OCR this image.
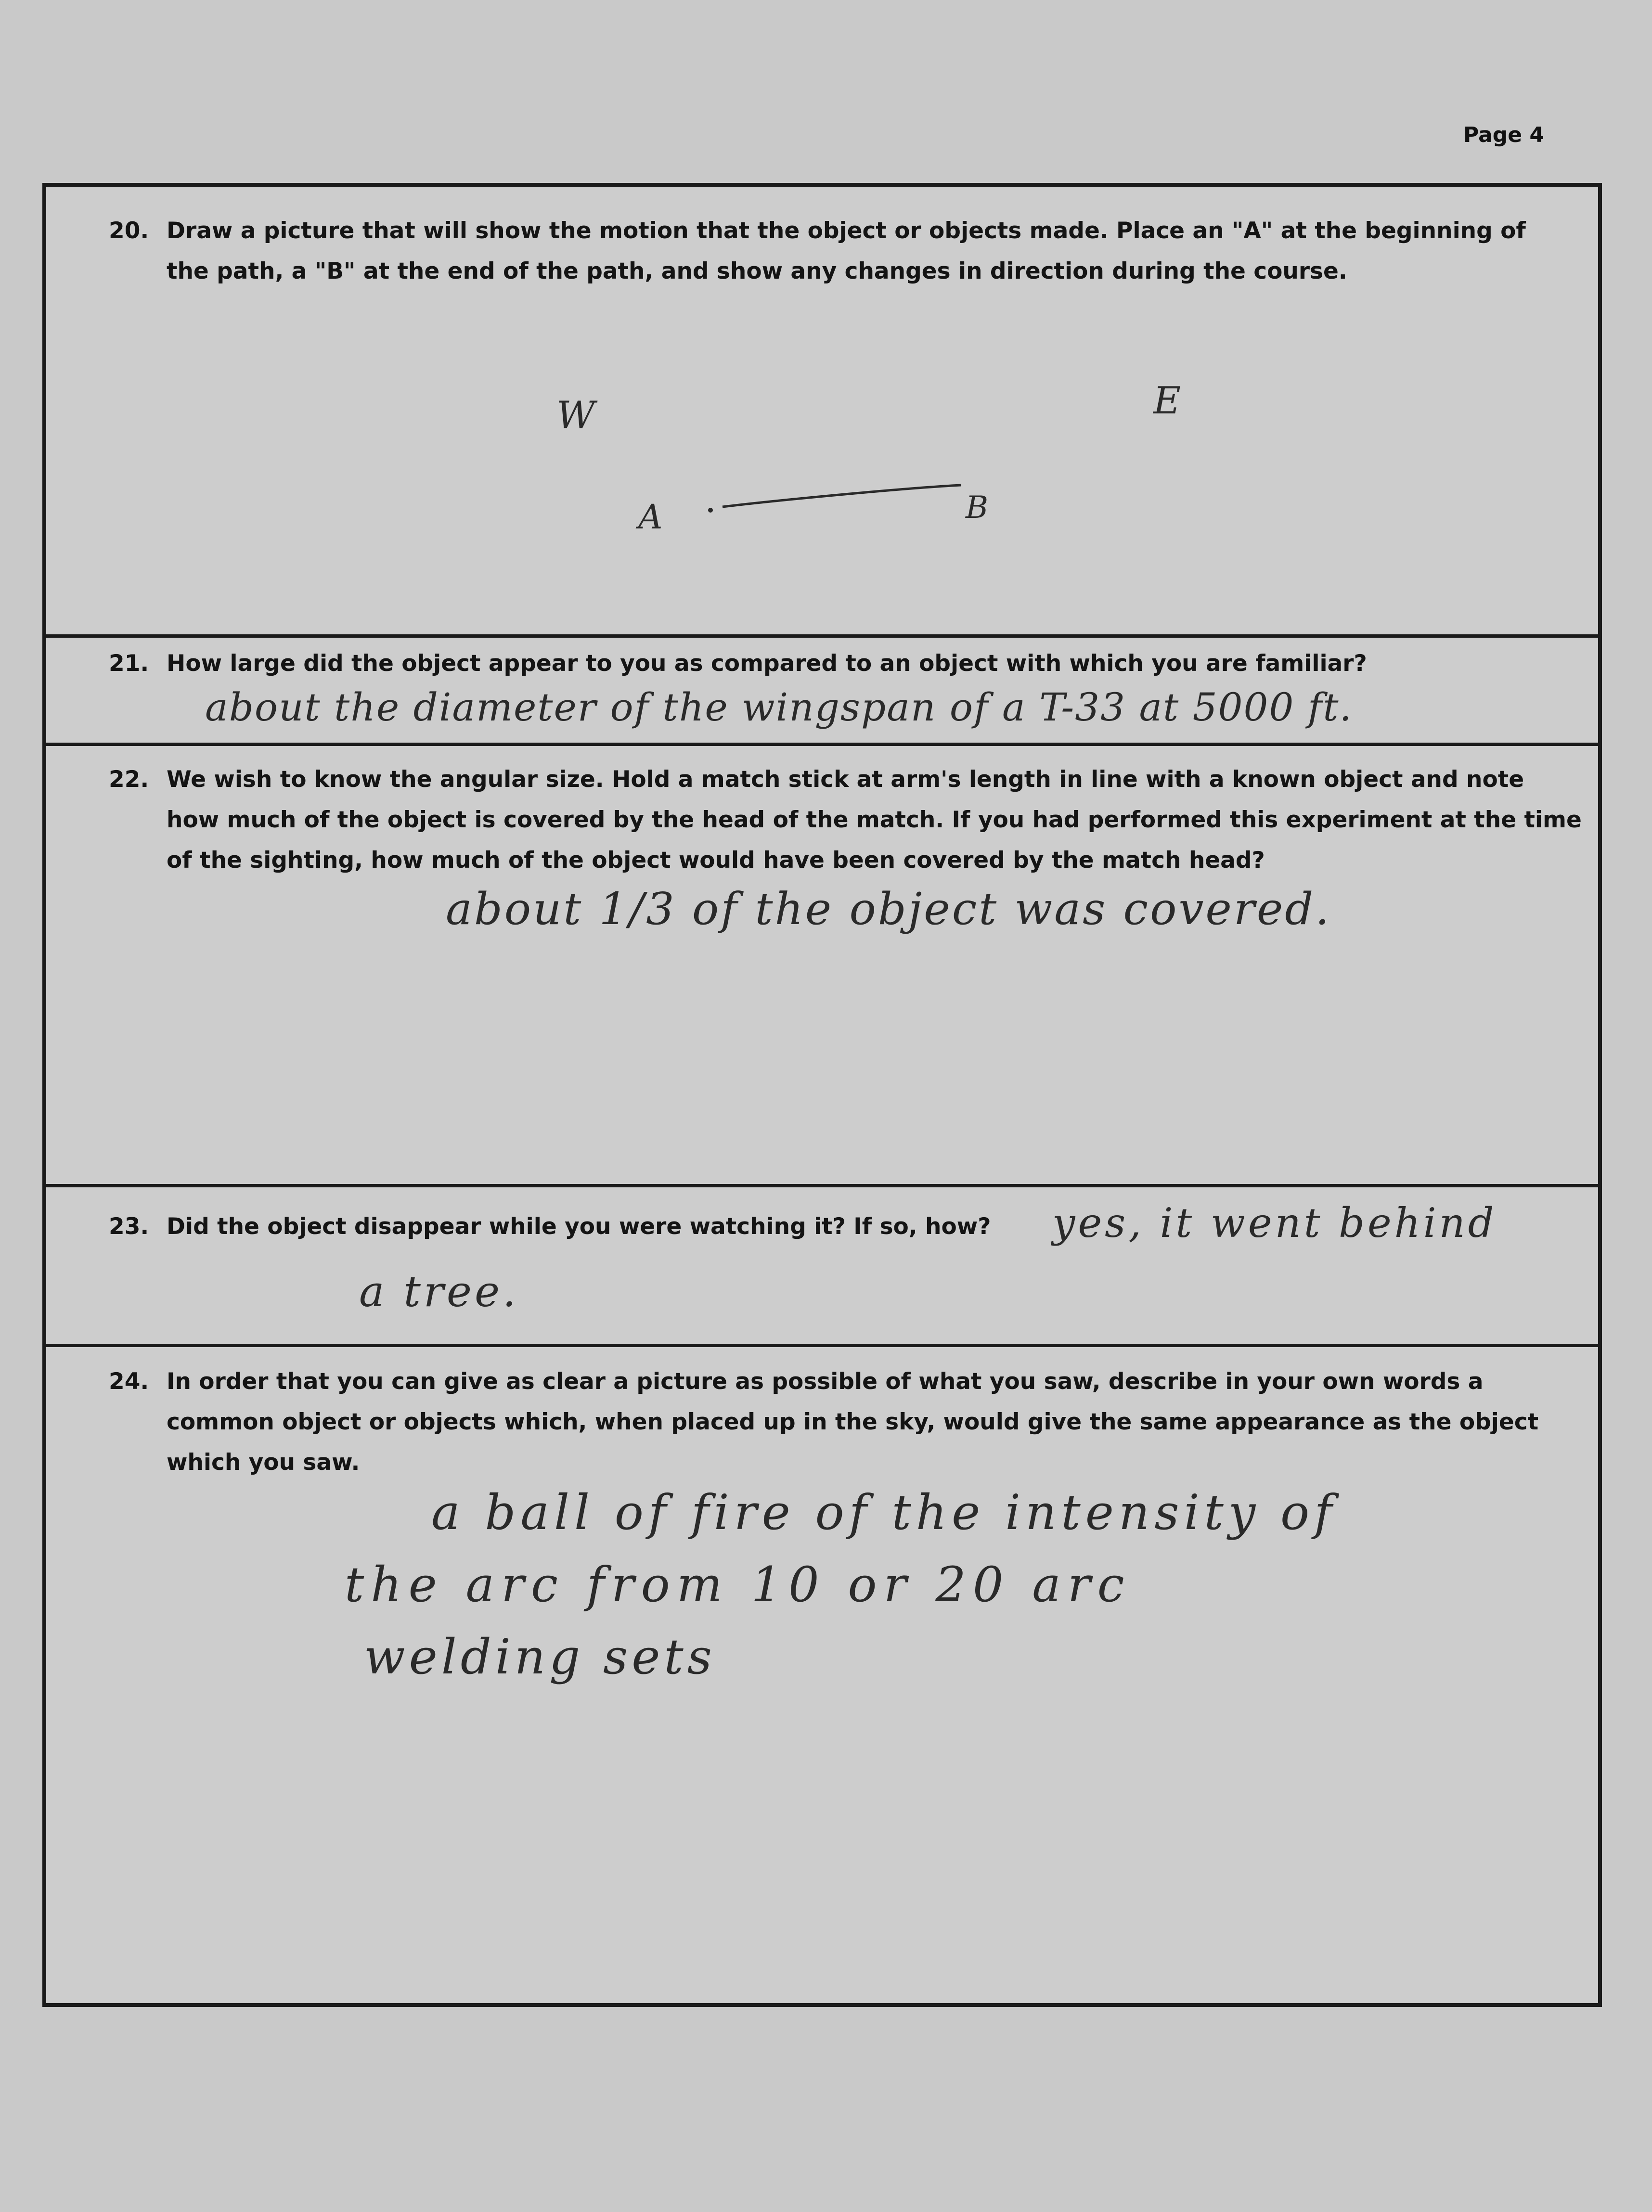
Page 4
20. Draw a picture that will show the motion that the object or objects made. Place an "A" at the beginning of
the path, a "B" at the end of the path, and show any changes in direction during the course.
W	E
A	B
21. How large did the object appear to you as compared to an object with which you are familiar?
about the diameter of the wingspan of a T-33 at 5000 ft.
22. We wish to know the angular size. Hold a match stick at arm's length in line with a known object and note
how much of the object is covered by the head of the match. If you had performed this experiment at the time
of the sighting, how much of the object would have been covered by the match head?
about 1/3 of the object was covered.
23. Did the object disappear while you were watching it? If so, how? yes, it went behind
a tree.
24. In order that you can give as clear a picture as possible of what you saw, describe in your own words a
common object or objects which, when placed up in the sky, would give the same appearance as the object
which you saw.
a ball of fire of the intensity of
the arc from 10 or 20 arc
welding sets
